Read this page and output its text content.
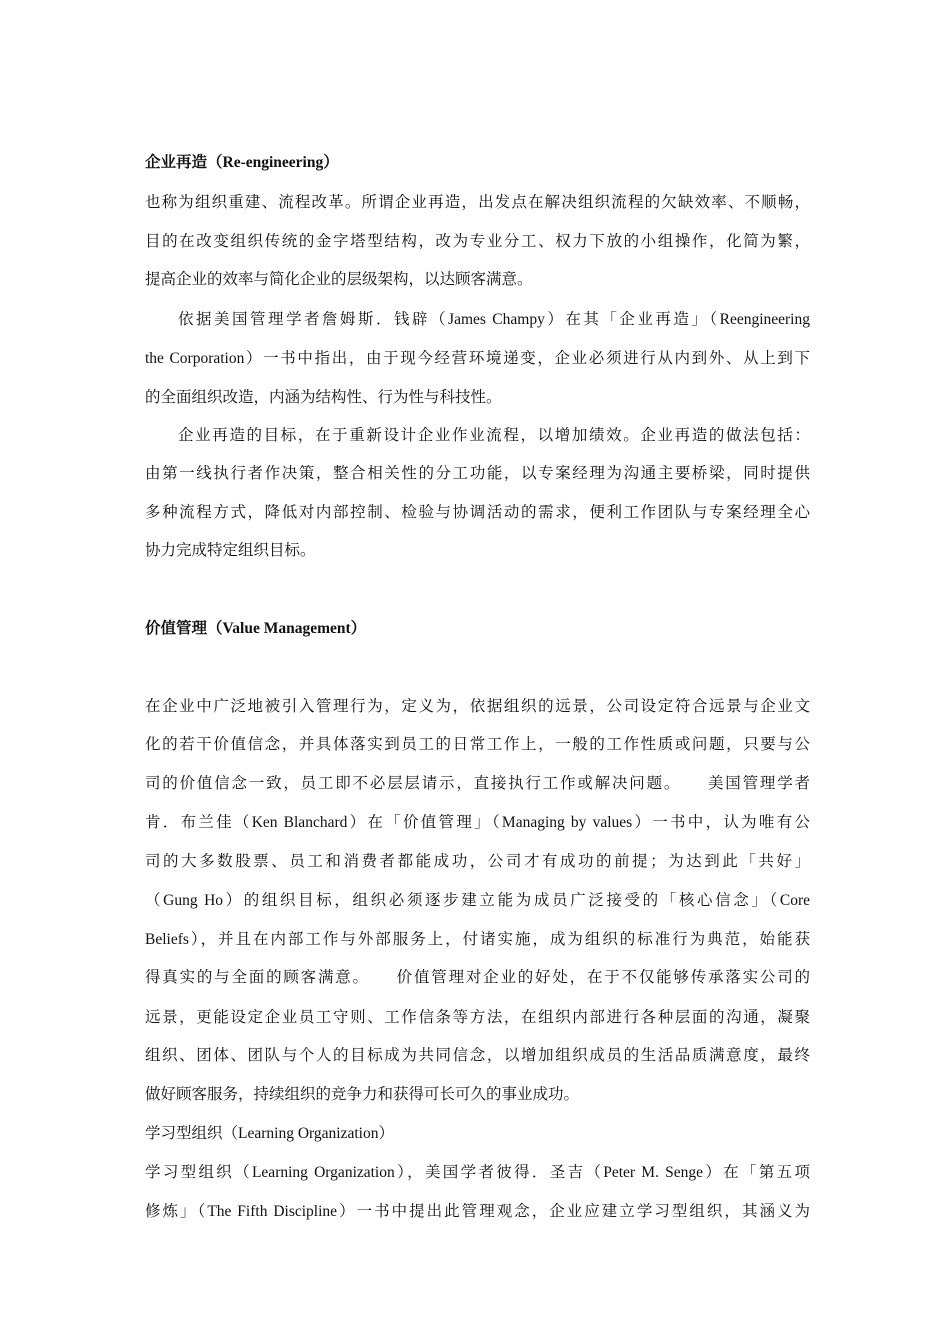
企业再造（Re-engineering）
也称为组织重建、流程改革。所谓企业再造，出发点在解决组织流程的欠缺效率、不顺畅，
目的在改变组织传统的金字塔型结构，改为专业分工、权力下放的小组操作，化简为繁，
提高企业的效率与简化企业的层级架构，以达顾客满意。
依据美国管理学者詹姆斯．钱辟（James Champy）在其「企业再造」（Reengineering
the Corporation）一书中指出，由于现今经营环境递变，企业必须进行从内到外、从上到下
的全面组织改造，内涵为结构性、行为性与科技性。
企业再造的目标，在于重新设计企业作业流程，以增加绩效。企业再造的做法包括：
由第一线执行者作决策，整合相关性的分工功能，以专案经理为沟通主要桥梁，同时提供
多种流程方式，降低对内部控制、检验与协调活动的需求，便利工作团队与专案经理全心
协力完成特定组织目标。
价值管理（Value Management）
在企业中广泛地被引入管理行为，定义为，依据组织的远景，公司设定符合远景与企业文
化的若干价值信念，并具体落实到员工的日常工作上，一般的工作性质或问题，只要与公
司的价值信念一致，员工即不必层层请示，直接执行工作或解决问题。　　美国管理学者
肯．布兰佳（Ken Blanchard）在「价值管理」（Managing by values）一书中，认为唯有公
司的大多数股票、员工和消费者都能成功，公司才有成功的前提；为达到此「共好」
（Gung Ho）的组织目标，组织必须逐步建立能为成员广泛接受的「核心信念」（Core
Beliefs），并且在内部工作与外部服务上，付诸实施，成为组织的标准行为典范，始能获
得真实的与全面的顾客满意。　　价值管理对企业的好处，在于不仅能够传承落实公司的
远景，更能设定企业员工守则、工作信条等方法，在组织内部进行各种层面的沟通，凝聚
组织、团体、团队与个人的目标成为共同信念，以增加组织成员的生活品质满意度，最终
做好顾客服务，持续组织的竞争力和获得可长可久的事业成功。
学习型组织（Learning Organization）
学习型组织（Learning Organization），美国学者彼得．圣吉（Peter M. Senge）在「第五项
修炼」（The Fifth Discipline）一书中提出此管理观念，企业应建立学习型组织，其涵义为
